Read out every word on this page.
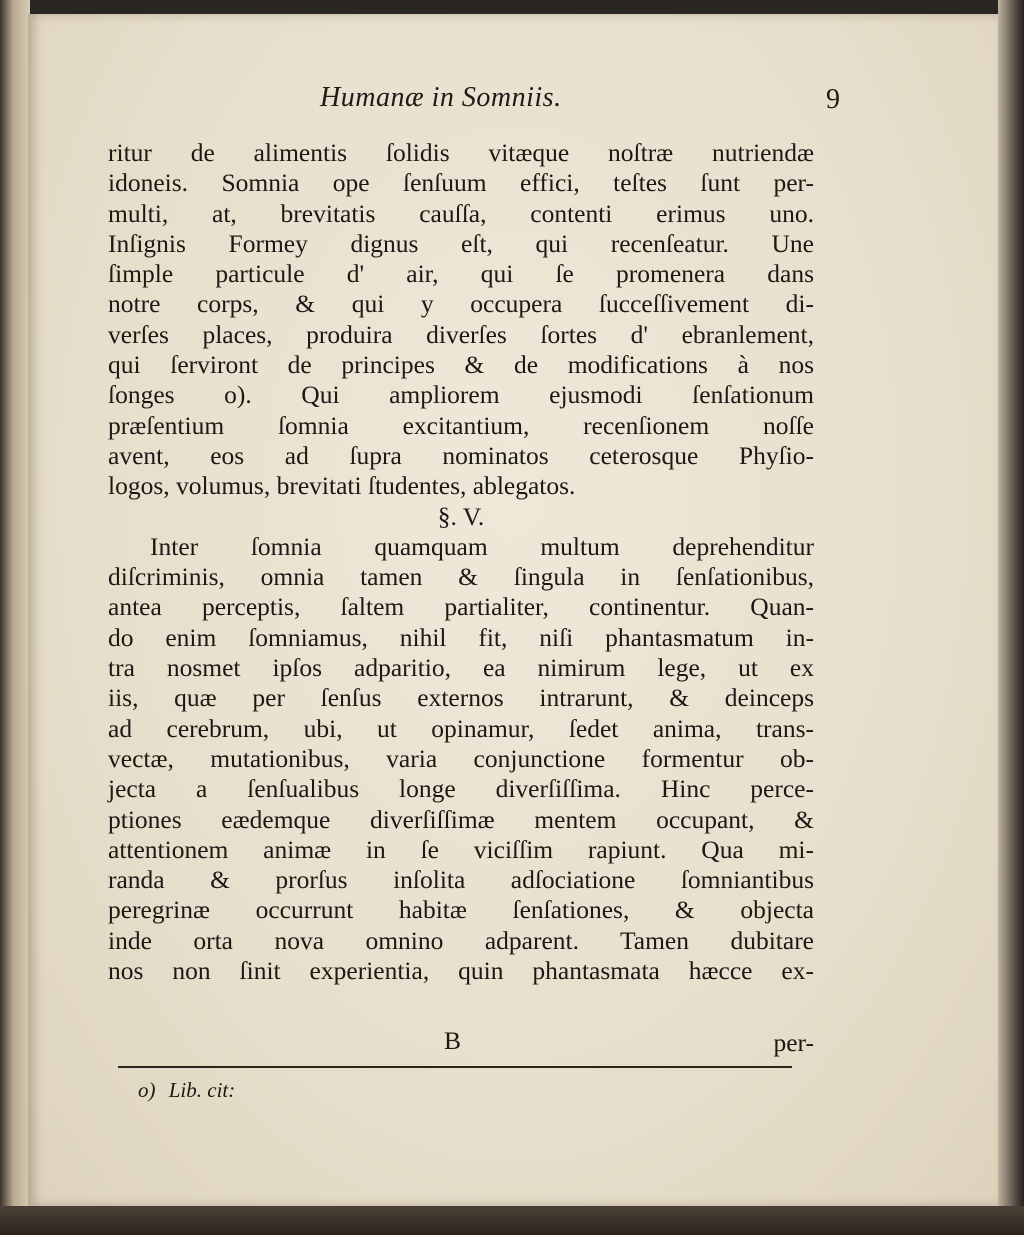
Humanæ in Somniis.	9
ritur de alimentis ſolidis vitæque noſtræ nutriendæ
idoneis. Somnia ope ſenſuum effici, teſtes ſunt per-
multi, at, brevitatis cauſſa, contenti erimus uno.
Inſignis Formey dignus eſt, qui recenſeatur. Une
ſimple particule d' air, qui ſe promenera dans
notre corps, & qui y occupera ſucceſſivement di-
verſes places, produira diverſes ſortes d' ebranlement,
qui ſerviront de principes & de modifications à nos
ſonges o). Qui ampliorem ejusmodi ſenſationum
præſentium ſomnia excitantium, recenſionem noſſe
avent, eos ad ſupra nominatos ceterosque Phyſio-
logos, volumus, brevitati ſtudentes, ablegatos.
§. V.
Inter ſomnia quamquam multum deprehenditur
diſcriminis, omnia tamen & ſingula in ſenſationibus,
antea perceptis, ſaltem partialiter, continentur. Quan-
do enim ſomniamus, nihil fit, niſi phantasmatum in-
tra nosmet ipſos adparitio, ea nimirum lege, ut ex
iis, quæ per ſenſus externos intrarunt, & deinceps
ad cerebrum, ubi, ut opinamur, ſedet anima, trans-
vectæ, mutationibus, varia conjunctione formentur ob-
jecta a ſenſualibus longe diverſiſſima. Hinc perce-
ptiones eædemque diverſiſſimæ mentem occupant, &
attentionem animæ in ſe viciſſim rapiunt. Qua mi-
randa & prorſus inſolita adſociatione ſomniantibus
peregrinæ occurrunt habitæ ſenſationes, & objecta
inde orta nova omnino adparent. Tamen dubitare
nos non ſinit experientia, quin phantasmata hæcce ex-
B	per-
o) Lib. cit:
